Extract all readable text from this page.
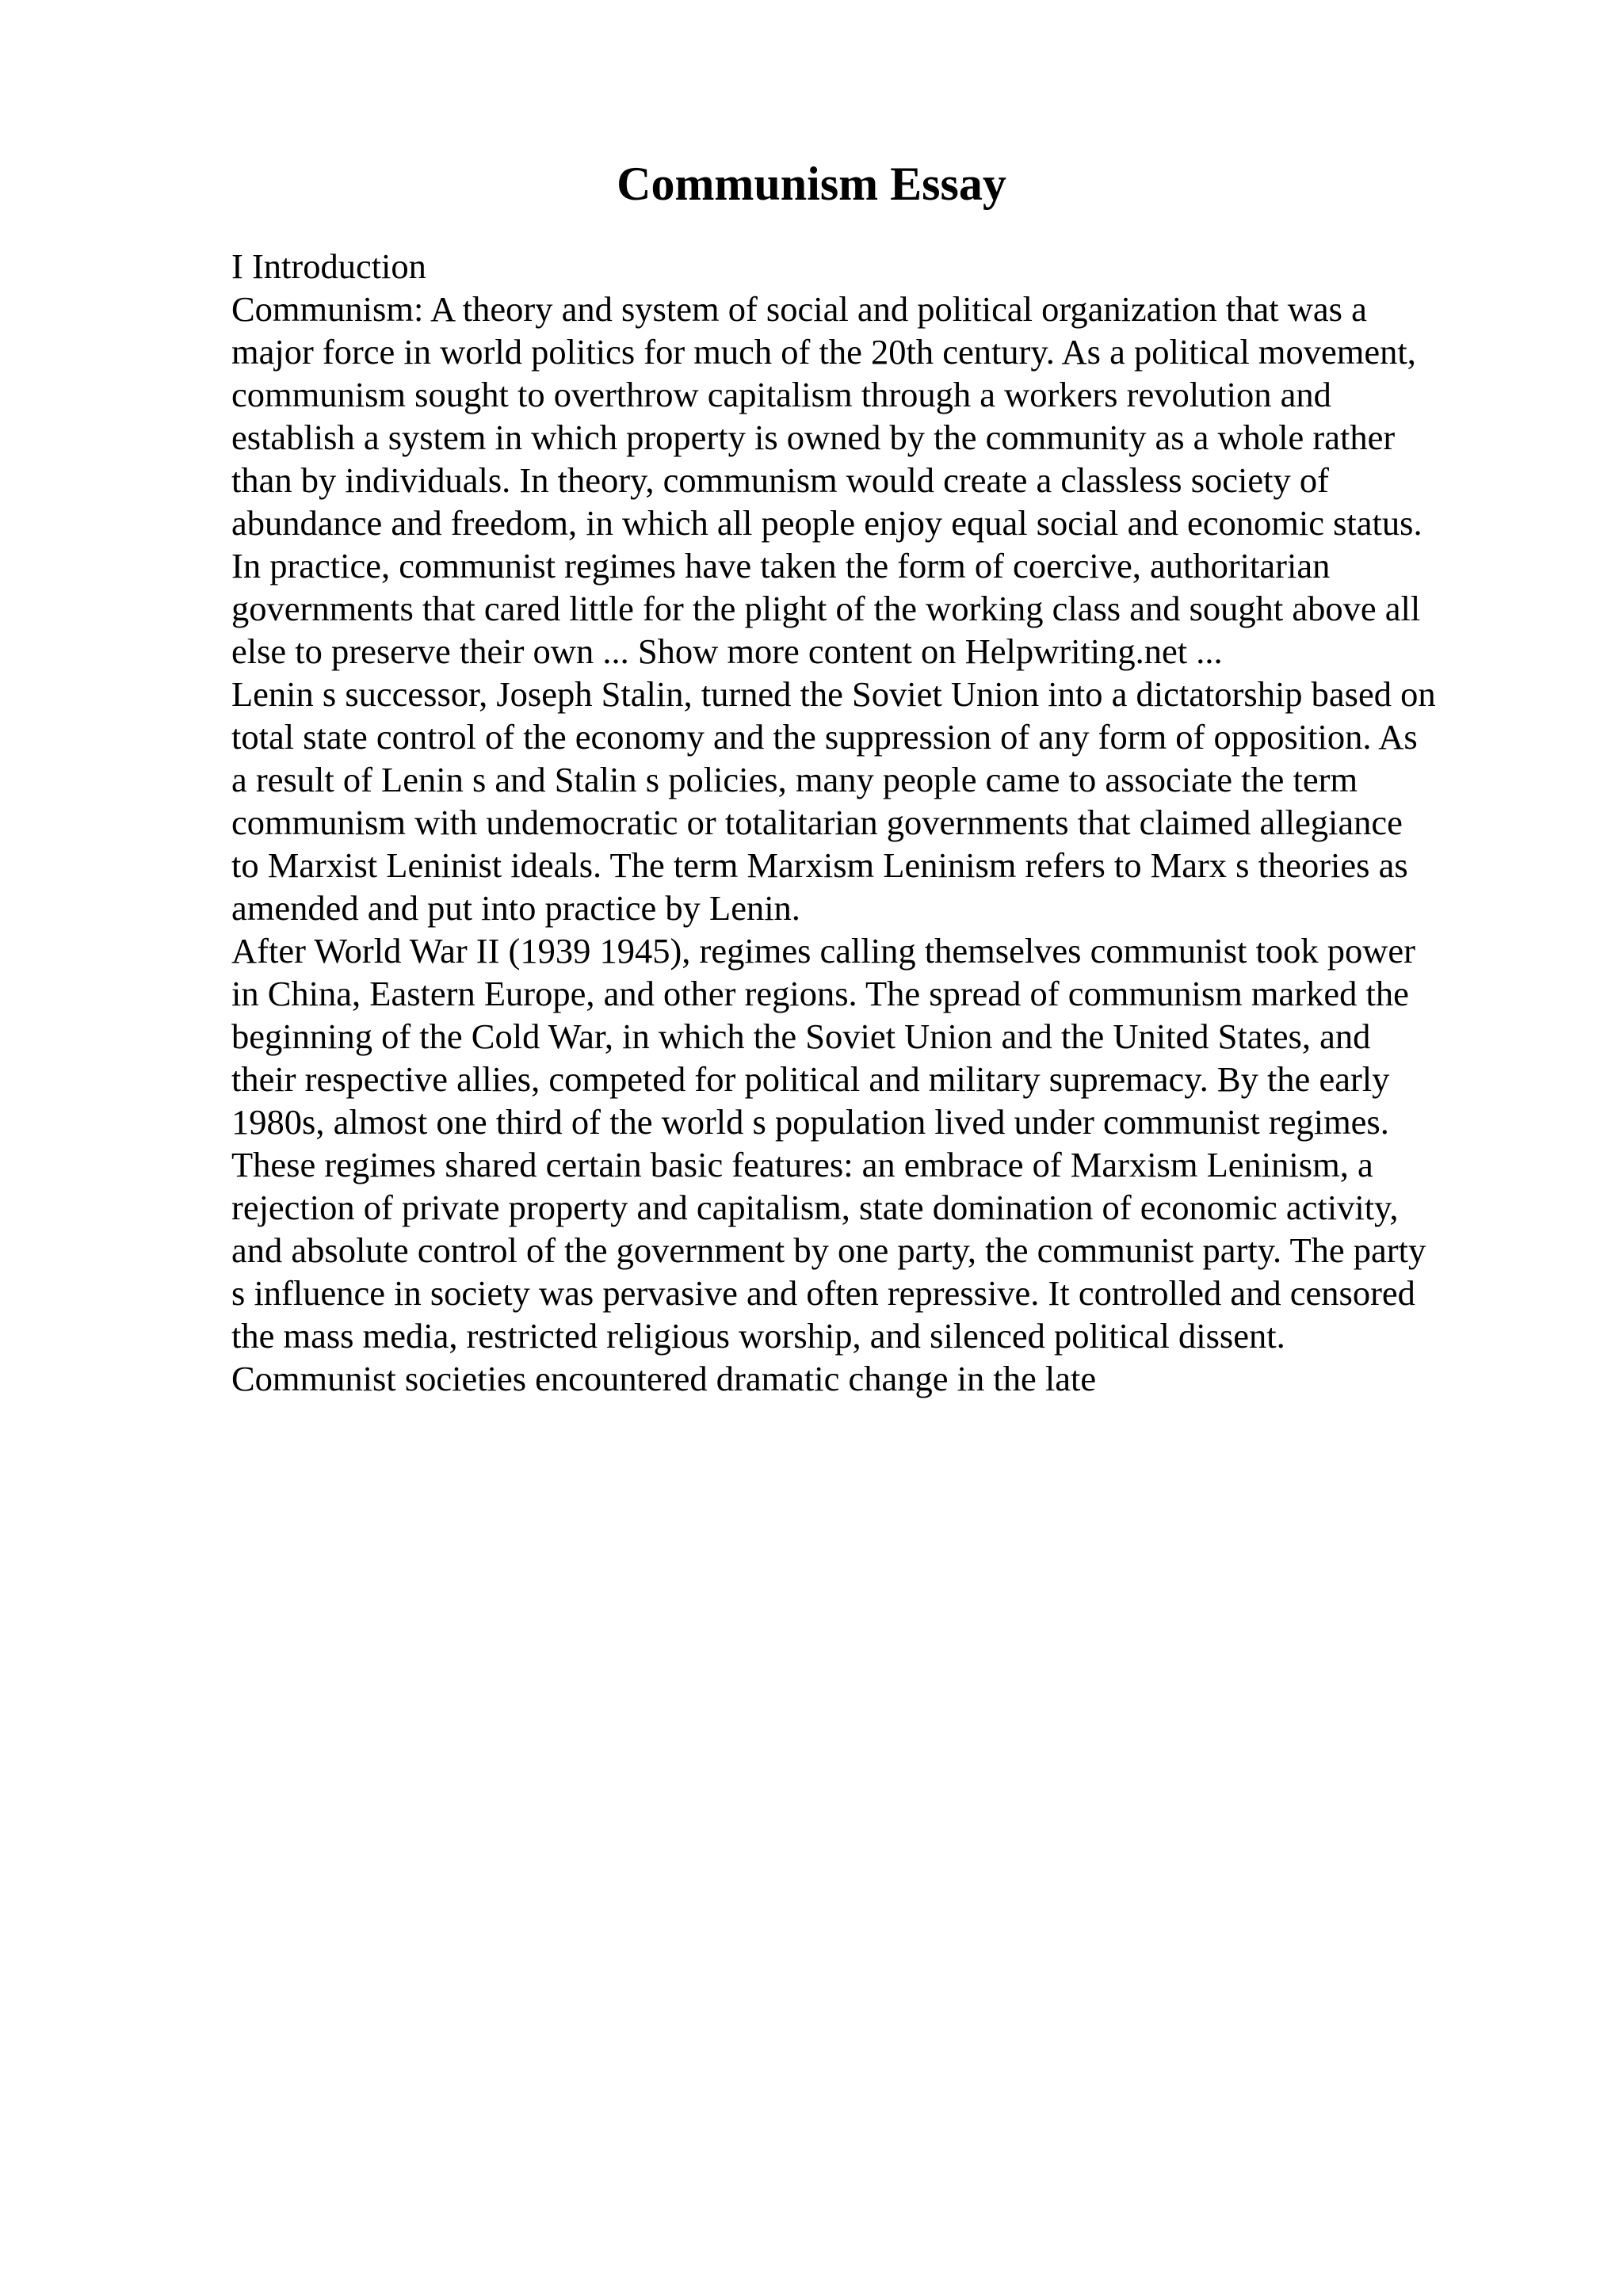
Communism Essay
I Introduction
Communism: A theory and system of social and political organization that was a
major force in world politics for much of the 20th century. As a political movement,
communism sought to overthrow capitalism through a workers revolution and
establish a system in which property is owned by the community as a whole rather
than by individuals. In theory, communism would create a classless society of
abundance and freedom, in which all people enjoy equal social and economic status.
In practice, communist regimes have taken the form of coercive, authoritarian
governments that cared little for the plight of the working class and sought above all
else to preserve their own ... Show more content on Helpwriting.net ...
Lenin s successor, Joseph Stalin, turned the Soviet Union into a dictatorship based on
total state control of the economy and the suppression of any form of opposition. As
a result of Lenin s and Stalin s policies, many people came to associate the term
communism with undemocratic or totalitarian governments that claimed allegiance
to Marxist Leninist ideals. The term Marxism Leninism refers to Marx s theories as
amended and put into practice by Lenin.
After World War II (1939 1945), regimes calling themselves communist took power
in China, Eastern Europe, and other regions. The spread of communism marked the
beginning of the Cold War, in which the Soviet Union and the United States, and
their respective allies, competed for political and military supremacy. By the early
1980s, almost one third of the world s population lived under communist regimes.
These regimes shared certain basic features: an embrace of Marxism Leninism, a
rejection of private property and capitalism, state domination of economic activity,
and absolute control of the government by one party, the communist party. The party
s influence in society was pervasive and often repressive. It controlled and censored
the mass media, restricted religious worship, and silenced political dissent.
Communist societies encountered dramatic change in the late
